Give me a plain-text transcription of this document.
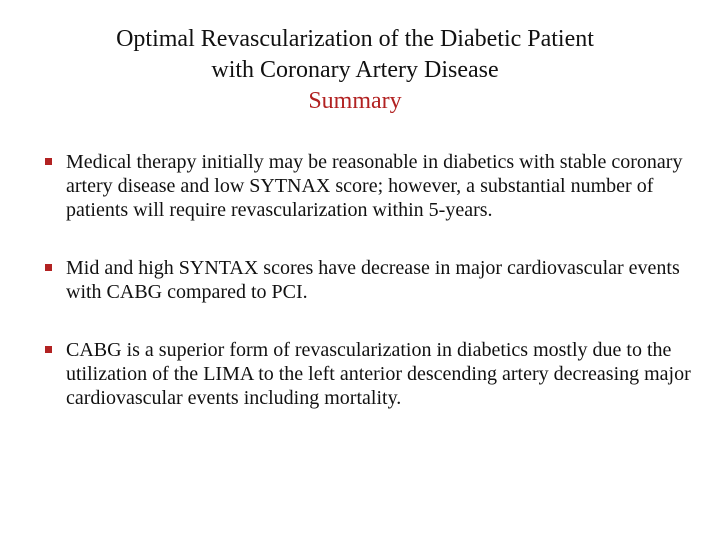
Optimal Revascularization of the Diabetic Patient
with Coronary Artery Disease
Summary
Medical therapy initially may be reasonable in diabetics with stable coronary artery disease and low SYTNAX score; however, a substantial number of patients will require revascularization within 5-years.
Mid and high SYNTAX scores have decrease in major cardiovascular events with CABG compared to PCI.
CABG is a superior form of revascularization in diabetics mostly due to the utilization of the LIMA to the left anterior descending artery decreasing major cardiovascular events including mortality.
